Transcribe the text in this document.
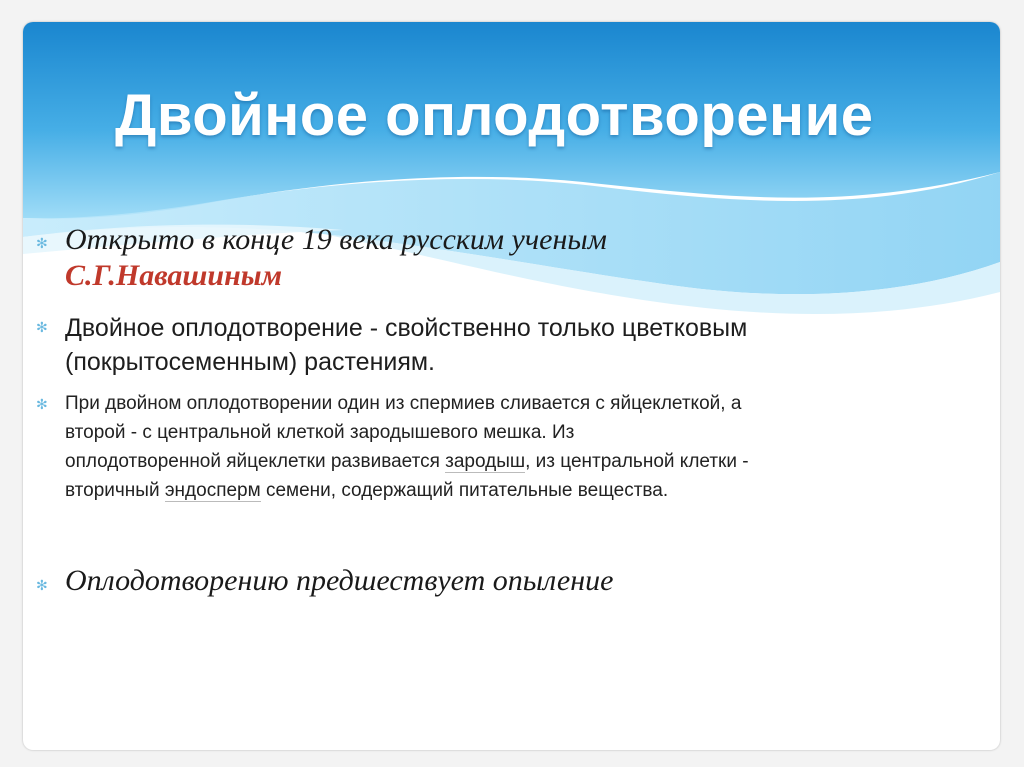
Двойное оплодотворение
✻ Открыто в конце 19 века русским ученым
С.Г.Навашиным
✻ Двойное оплодотворение - свойственно только цветковым
(покрытосеменным) растениям.
✻ При двойном оплодотворении один из спермиев сливается с яйцеклеткой, а
второй - с центральной клеткой зародышевого мешка. Из
оплодотворенной яйцеклетки развивается зародыш, из центральной клетки -
вторичный эндосперм семени, содержащий питательные вещества.
✻ Оплодотворению предшествует опыление
